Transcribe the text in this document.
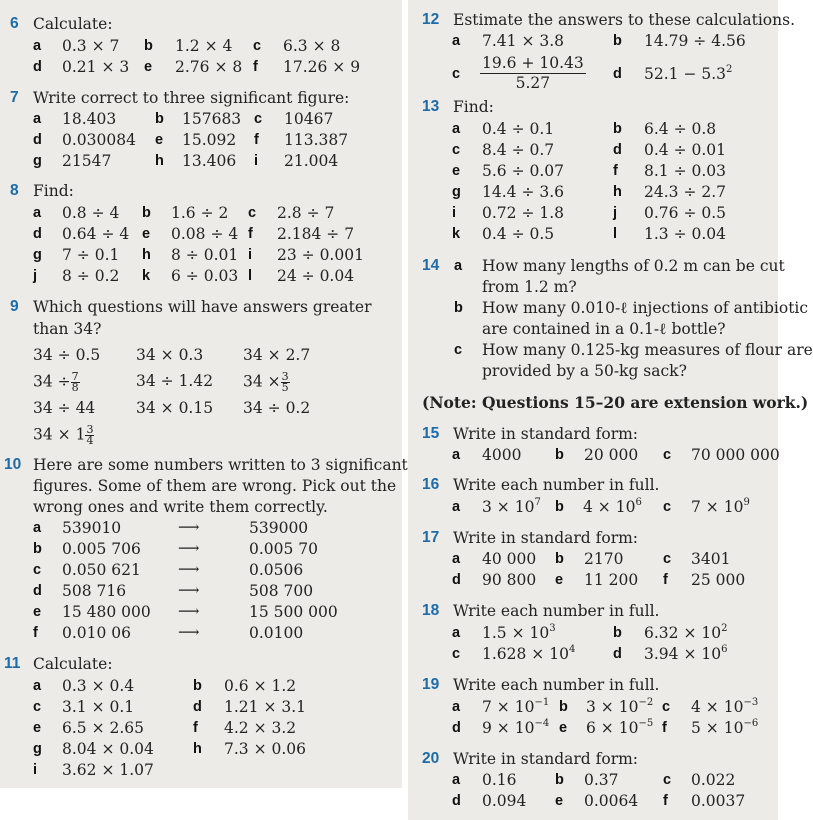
6 Calculate:
a 0.3 × 7 b 1.2 × 4 c 6.3 × 8
d 0.21 × 3 e 2.76 × 8 f 17.26 × 9
7 Write correct to three significant figure:
a 18.403	b 157683 c 10467
d 0.030084 e 15.092 f 113.387
g 21547	h 13.406 i 21.004
8 Find:
a 0.8 ÷ 4 b 1.6 ÷ 2 c 2.8 ÷ 7
d 0.64 ÷ 4 e 0.08 ÷ 4 f 2.184 ÷ 7
g 7 ÷ 0.1 h 8 ÷ 0.01 i 23 ÷ 0.001
j 8 ÷ 0.2 k 6 ÷ 0.03 l 24 ÷ 0.04
9 Which questions will have answers greater
than 34?
34 ÷ 0.5 34 × 0.3	34 × 2.7
$34 \div \frac{7}{8}$	34 ÷ 1.42 $34 \times \frac{3}{5}$
34 ÷ 44	34 × 0.15 34 ÷ 0.2
$34 \times 1 \frac{3}{4}$
10 Here are some numbers written to 3 significant
figures. Some of them are wrong. Pick out the
wrong ones and write them correctly.
a 539010	⟶	539000
b 0.005 706 ⟶	0.005 70
c 0.050 621 ⟶	0.0506
d 508 716	⟶	508 700
e 15 480 000 ⟶	15 500 000
f 0.010 06	⟶	0.0100
11 Calculate:
a 0.3 × 0.4	b 0.6 × 1.2
c 3.1 × 0.1	d 1.21 × 3.1
e 6.5 × 2.65	f 4.2 × 3.2
g 8.04 × 0.04	h 7.3 × 0.06
i 3.62 × 1.07
12 Estimate the answers to these calculations.
a 7.41 × 3.8	b 14.79 ÷ 4.56
c
19.6 + 10.43
5.27	d $52.1 - 5.3^2$
13 Find:
a 0.4 ÷ 0.1	b 6.4 ÷ 0.8
c 8.4 ÷ 0.7	d 0.4 ÷ 0.01
e 5.6 ÷ 0.07	f 8.1 ÷ 0.03
g 14.4 ÷ 3.6	h 24.3 ÷ 2.7
i 0.72 ÷ 1.8	j 0.76 ÷ 0.5
k 0.4 ÷ 0.5	l 1.3 ÷ 0.04
14 a How many lengths of 0.2 m can be cut
from 1.2 m?
b How many 0.010-ℓ injections of antibiotic
are contained in a 0.1-ℓ bottle?
c How many 0.125-kg measures of flour are
provided by a 50-kg sack?
(Note: Questions 15–20 are extension work.)
15 Write in standard form:
a 4000 b 20 000 c 70 000 000
16 Write each number in full.
a $3 \times 10^7$ b $4 \times 10^6$ c $7 \times 10^9$
17 Write in standard form:
a 40 000 b 2170	c 3401
d 90 800 e 11 200 f 25 000
18 Write each number in full.
a $1.5 \times 10^3$	b $6.32 \times 10^2$
c $1.628 \times 10^4$	d $3.94 \times 10^6$
19 Write each number in full.
a $7 \times 10^{-1}$ b $3 \times 10^{-2}$ c $4 \times 10^{-3}$
d $9 \times 10^{-4}$ e $6 \times 10^{-5}$ f $5 \times 10^{-6}$
20 Write in standard form:
a 0.16	b 0.37	c 0.022
d 0.094 e 0.0064 f 0.0037
